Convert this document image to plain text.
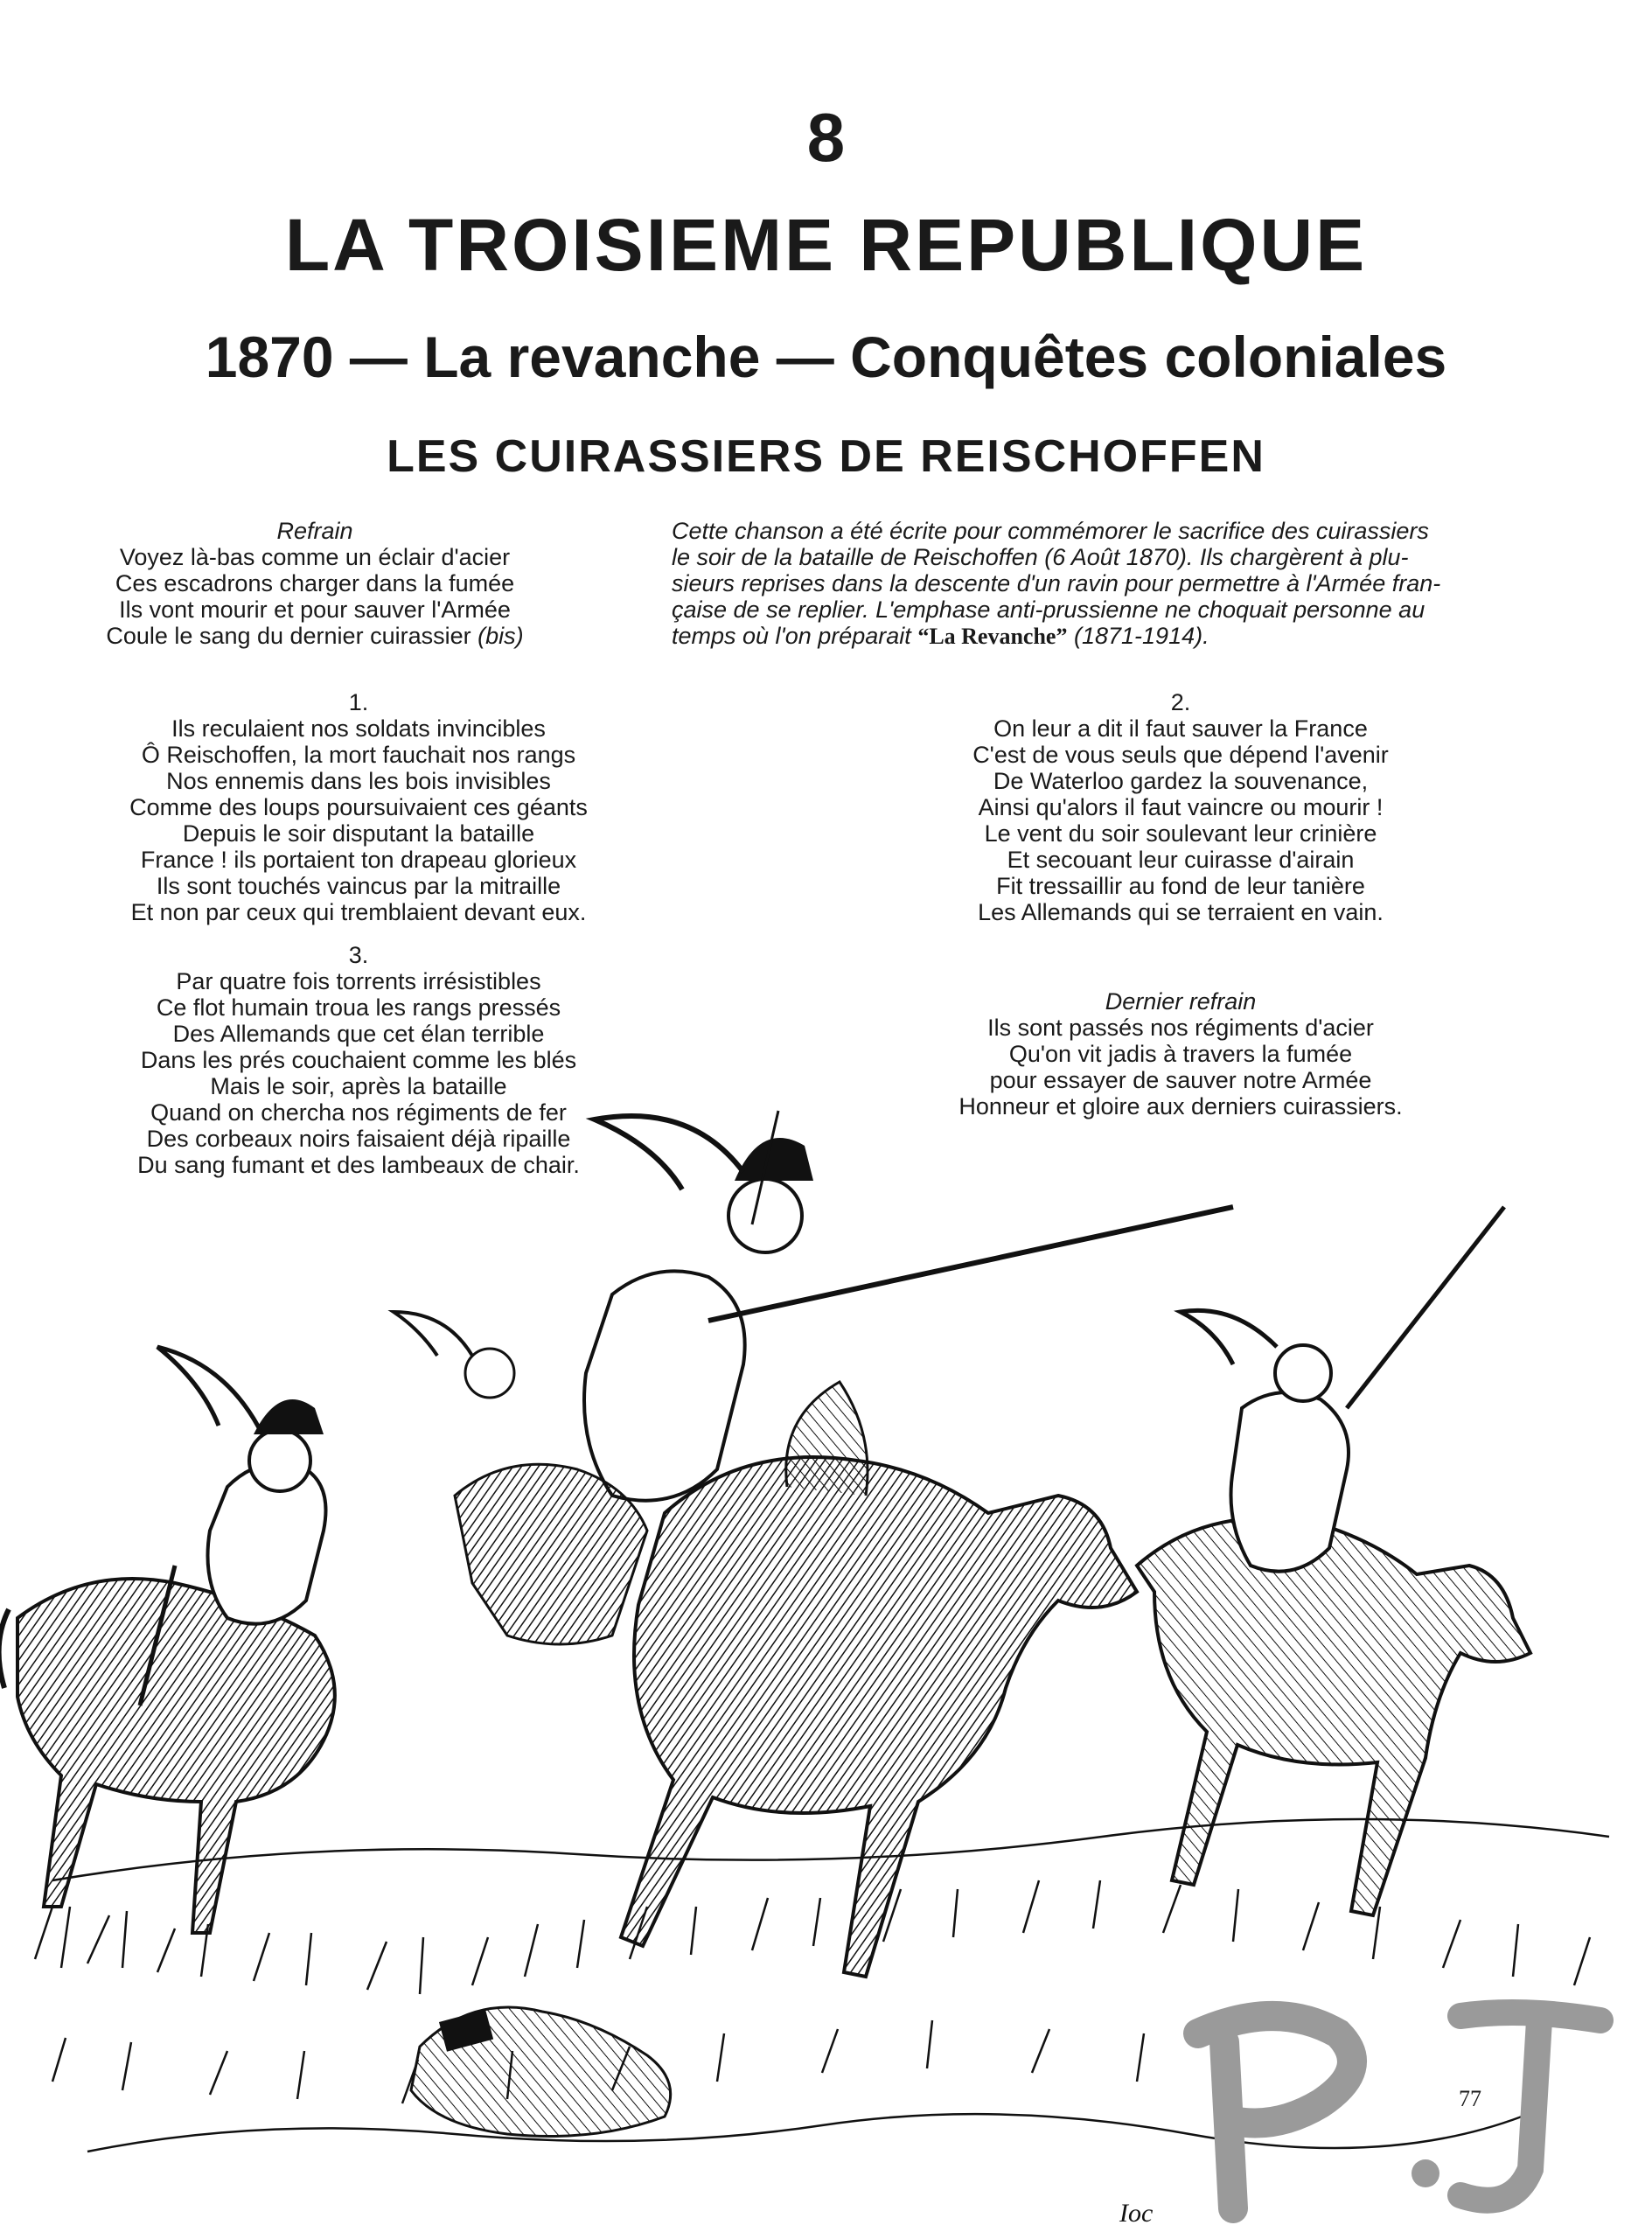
8
LA TROISIEME REPUBLIQUE
1870 — La revanche — Conquêtes coloniales
LES CUIRASSIERS DE REISCHOFFEN
Refrain
Voyez là-bas comme un éclair d'acier
Ces escadrons charger dans la fumée
Ils vont mourir et pour sauver l'Armée
Coule le sang du dernier cuirassier (bis)
Cette chanson a été écrite pour commémorer le sacrifice des cuirassiers
le soir de la bataille de Reischoffen (6 Août 1870). Ils chargèrent à plu-
sieurs reprises dans la descente d'un ravin pour permettre à l'Armée fran-
çaise de se replier. L'emphase anti-prussienne ne choquait personne au
temps où l'on préparait “La Revanche” (1871-1914).
1.
Ils reculaient nos soldats invincibles
Ô Reischoffen, la mort fauchait nos rangs
Nos ennemis dans les bois invisibles
Comme des loups poursuivaient ces géants
Depuis le soir disputant la bataille
France ! ils portaient ton drapeau glorieux
Ils sont touchés vaincus par la mitraille
Et non par ceux qui tremblaient devant eux.
3.
Par quatre fois torrents irrésistibles
Ce flot humain troua les rangs pressés
Des Allemands que cet élan terrible
Dans les prés couchaient comme les blés
Mais le soir, après la bataille
Quand on chercha nos régiments de fer
Des corbeaux noirs faisaient déjà ripaille
Du sang fumant et des lambeaux de chair.
2.
On leur a dit il faut sauver la France
C'est de vous seuls que dépend l'avenir
De Waterloo gardez la souvenance,
Ainsi qu'alors il faut vaincre ou mourir !
Le vent du soir soulevant leur crinière
Et secouant leur cuirasse d'airain
Fit tressaillir au fond de leur tanière
Les Allemands qui se terraient en vain.
Dernier refrain
Ils sont passés nos régiments d'acier
Qu'on vit jadis à travers la fumée
pour essayer de sauver notre Armée
Honneur et gloire aux derniers cuirassiers.
Ioc
77
